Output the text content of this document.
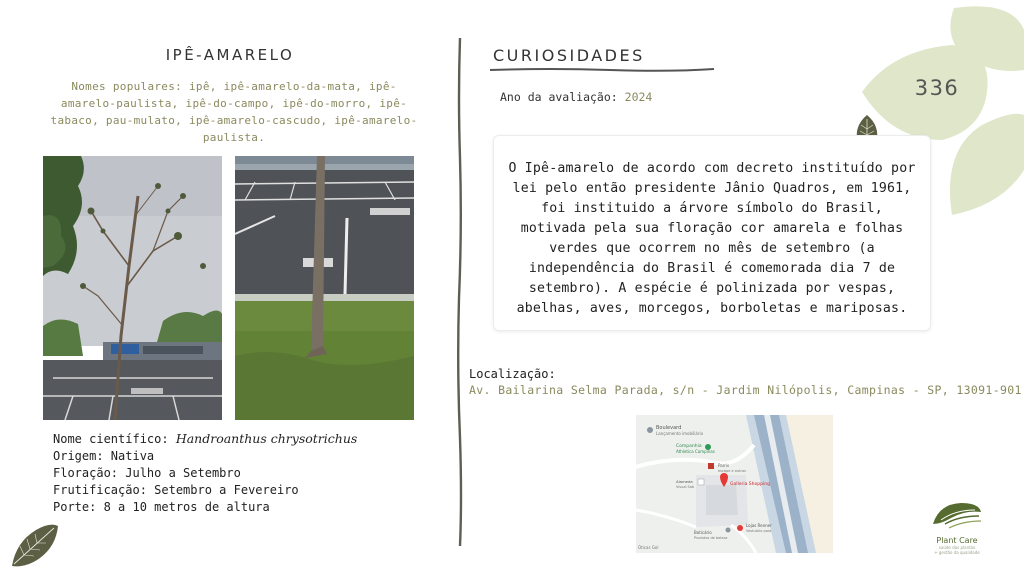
IPÊ-AMARELO
Nomes populares: ipê, ipê-amarelo-da-mata, ipê-amarelo-paulista, ipê-do-campo, ipê-do-morro, ipê-tabaco, pau-mulato, ipê-amarelo-cascudo, ipê-amarelo-paulista.
Nome científico: Handroanthus chrysotrichus
Origem: Nativa
Floração: Julho a Setembro
Frutificação: Setembro a Fevereiro
Porte: 8 a 10 metros de altura
CURIOSIDADES
Ano da avaliação: 2024	336
O Ipê-amarelo de acordo com decreto instituído por lei pelo então presidente Jânio Quadros, em 1961, foi instituido a árvore símbolo do Brasil, motivada pela sua floração cor amarela e folhas verdes que ocorrem no mês de setembro (a independência do Brasil é comemorada dia 7 de setembro). A espécie é polinizada por vespas, abelhas, aves, morcegos, borboletas e mariposas.
Localização:
Av. Bailarina Selma Parada, s/n - Jardim Nilópolis, Campinas - SP, 13091-901
Boulevard
Lançamento imobiliário
Companhia
Athletica Campinas
Parris
escape e outras
Galleria Shopping
Alameda
Visual Sab
Boticário
Produtos de beleza
Lojas Renner
Vestuário para
Óticas Gol
Plant Care
saúde das plantas
+ gestão da qualidade
